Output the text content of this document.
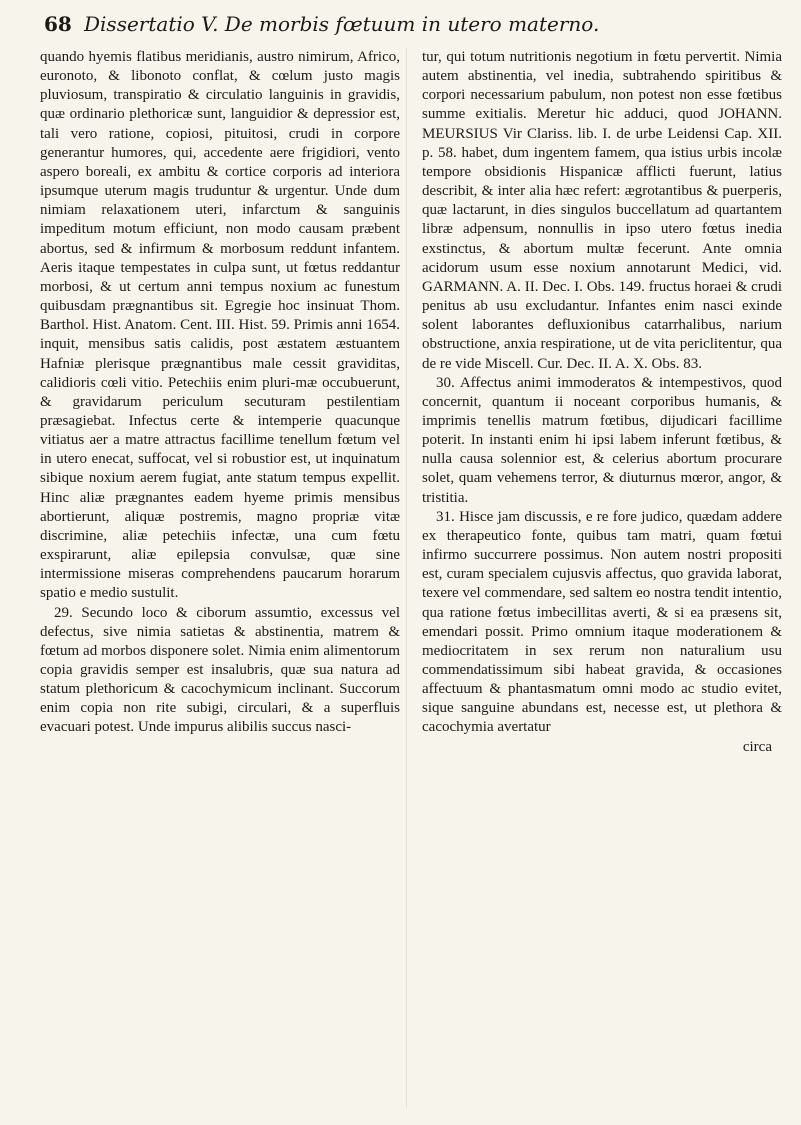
68 Dissertatio V. De morbis fœtuum in utero materno.

quando hyemis flatibus meridianis, austro nimirum, Africo, euronoto, & libonoto conflat, & cœlum justo magis pluviosum, transpiratio & circulatio languinis in gravidis, quæ ordinario plethoricæ sunt, languidior & depressior est, tali vero ratione, copiosi, pituitosi, crudi in corpore generantur humores, qui, accedente aere frigidiori, vento aspero boreali, ex ambitu & cortice corporis ad interiora ipsumque uterum magis truduntur & urgentur. Unde dum nimiam relaxationem uteri, infarctum & sanguinis impeditum motum efficiunt, non modo causam præbent abortus, sed & infirmum & morbosum reddunt infantem. Aeris itaque tempestates in culpa sunt, ut fœtus reddantur morbosi, & ut certum anni tempus noxium ac funestum quibusdam prægnantibus sit. Egregie hoc insinuat Thom. Barthol. Hist. Anatom. Cent. III. Hist. 59. Primis anni 1654. inquit, mensibus satis calidis, post æstatem æstuantem Hafniæ plerisque prægnantibus male cessit graviditas, calidioris cœli vitio. Petechiis enim pluri-mæ occubuerunt, & gravidarum periculum secuturam pestilentiam præsagiebat. Infectus certe & intemperie quacunque vitiatus aer a matre attractus facillime tenellum fœtum vel in utero enecat, suffocat, vel si robustior est, ut inquinatum sibique noxium aerem fugiat, ante statum tempus expellit. Hinc aliæ prægnantes eadem hyeme primis mensibus abortierunt, aliquæ postremis, magno propriæ vitæ discrimine, aliæ petechiis infectæ, una cum fœtu exspirarunt, aliæ epilepsia convulsæ, quæ sine intermissione miseras comprehendens paucarum horarum spatio e medio sustulit.

29. Secundo loco & ciborum assumtio, excessus vel defectus, sive nimia satietas & abstinentia, matrem & fœtum ad morbos disponere solet. Nimia enim alimentorum copia gravidis semper est insalubris, quæ sua natura ad statum plethoricum & cacochymicum inclinant. Succorum enim copia non rite subigi, circulari, & a superfluis evacuari potest. Unde impurus alibilis succus nasci-

tur, qui totum nutritionis negotium in fœtu pervertit. Nimia autem abstinentia, vel inedia, subtrahendo spiritibus & corpori necessarium pabulum, non potest non esse fœtibus summe exitialis. Meretur hic adduci, quod JOHANN. MEURSIUS Vir Clariss. lib. I. de urbe Leidensi Cap. XII. p. 58. habet, dum ingentem famem, qua istius urbis incolæ tempore obsidionis Hispanicæ afflicti fuerunt, latius describit, & inter alia hæc refert: ægrotantibus & puerperis, quæ lactarunt, in dies singulos buccellatum ad quartantem libræ adpensum, nonnullis in ipso utero fœtus inedia exstinctus, & abortum multæ fecerunt. Ante omnia acidorum usum esse noxium annotarunt Medici, vid. GARMANN. A. II. Dec. I. Obs. 149. fructus horaei & crudi penitus ab usu excludantur. Infantes enim nasci exinde solent laborantes defluxionibus catarrhalibus, narium obstructione, anxia respiratione, ut de vita periclitentur, qua de re vide Miscell. Cur. Dec. II. A. X. Obs. 83.

30. Affectus animi immoderatos & intempestivos, quod concernit, quantum ii noceant corporibus humanis, & imprimis tenellis matrum fœtibus, dijudicari facillime poterit. In instanti enim hi ipsi labem inferunt fœtibus, & nulla causa solennior est, & celerius abortum procurare solet, quam vehemens terror, & diuturnus mœror, angor, & tristitia.

31. Hisce jam discussis, e re fore judico, quædam addere ex therapeutico fonte, quibus tam matri, quam fœtui infirmo succurrere possimus. Non autem nostri propositi est, curam specialem cujusvis affectus, quo gravida laborat, texere vel commendare, sed saltem eo nostra tendit intentio, qua ratione fœtus imbecillitas averti, & si ea præsens sit, emendari possit. Primo omnium itaque moderationem & mediocritatem in sex rerum non naturalium usu commendatissimum sibi habeat gravida, & occasiones affectuum & phantasmatum omni modo ac studio evitet, sique sanguine abundans est, necesse est, ut plethora & cacochymia avertatur

circa
